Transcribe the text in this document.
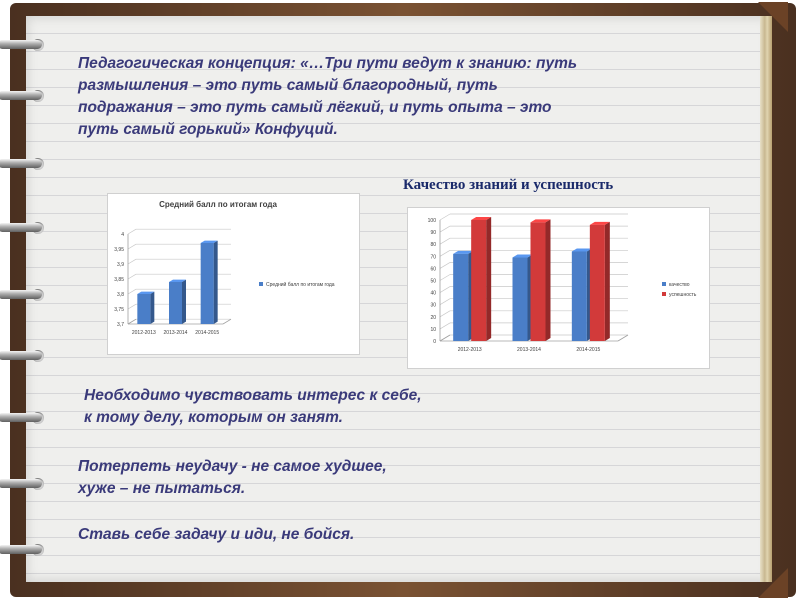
Педагогическая концепция: «…Три пути ведут к знанию: путь
размышления – это путь самый благородный, путь
подражания – это путь самый лёгкий, и путь опыта – это
путь самый горький» Конфуций.
Качество знаний и успешность
3,7
3,75
3,8
3,85
3,9
3,95
4
2012-2013 2013-2014 2014-2015
Средний балл по итогам года
Средний балл по итогам года
0
10
20
30
40
50
60
70
80
90
100
2012-2013	2013-2014	2014-2015
качество
успешность
Необходимо чувствовать интерес к себе,
к тому делу, которым он занят.
Потерпеть неудачу - не самое худшее,
хуже – не пытаться.
Ставь себе задачу и иди, не бойся.
